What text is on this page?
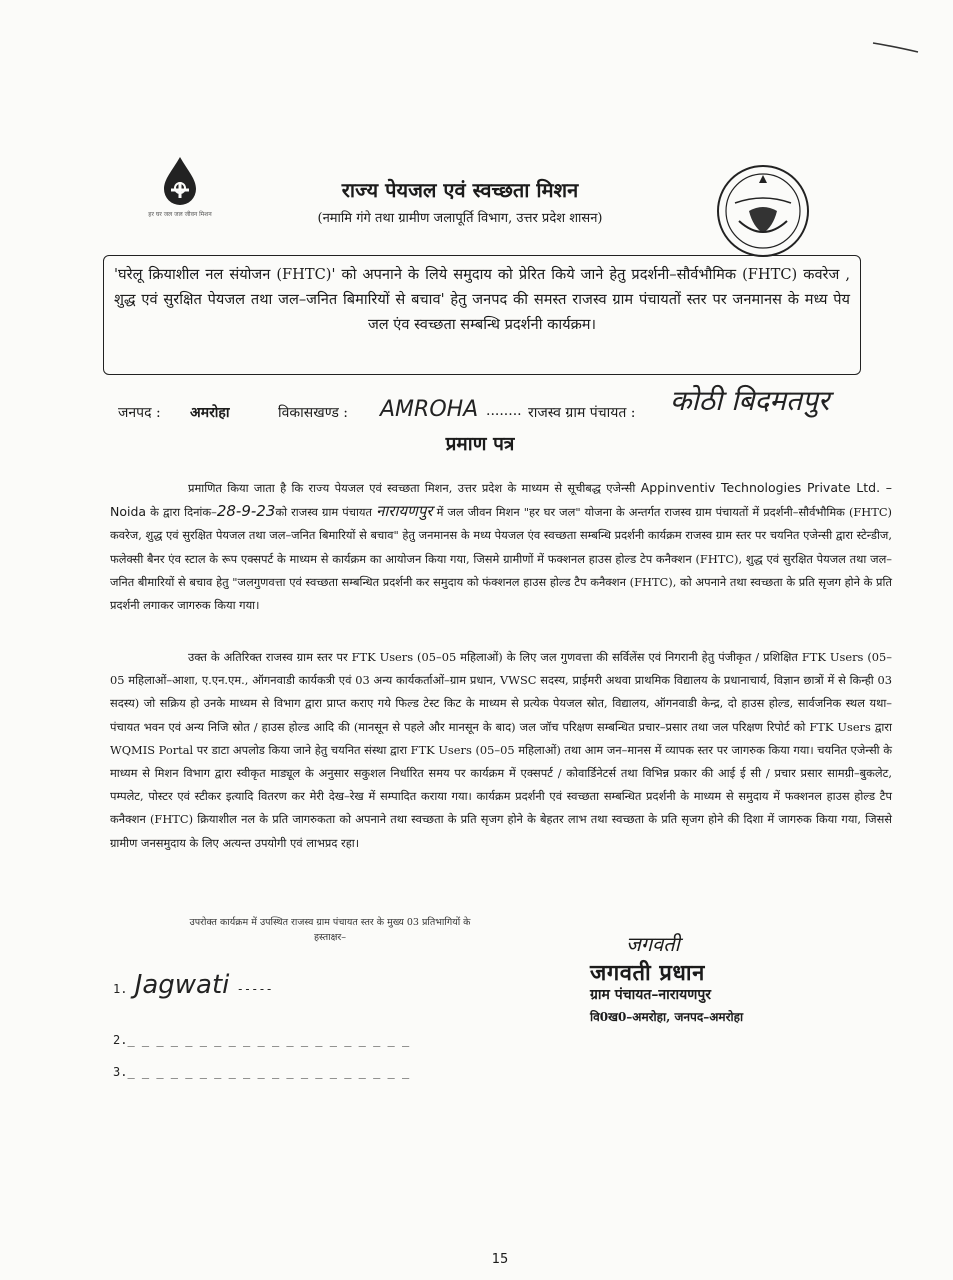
हर घर जल जल जीवन मिशन
राज्य पेयजल एवं स्वच्छता मिशन
(नमामि गंगे तथा ग्रामीण जलापूर्ति विभाग, उत्तर प्रदेश शासन)
'घरेलू क्रियाशील नल संयोजन (FHTC)' को अपनाने के लिये समुदाय को प्रेरित किये जाने हेतु प्रदर्शनी–सौर्वभौमिक (FHTC) कवरेज , शुद्ध एवं सुरक्षित पेयजल तथा जल–जनित बिमारियों से बचाव' हेतु जनपद की समस्त राजस्व ग्राम पंचायतों स्तर पर जनमानस के मध्य पेय जल एंव स्वच्छता सम्बन्धि प्रदर्शनी कार्यक्रम।
जनपद : अमरोहा	विकासखण्ड : AMROHA ........ राजस्व ग्राम पंचायत : कोठी बिदमतपुर
प्रमाण पत्र
प्रमाणित किया जाता है कि राज्य पेयजल एवं स्वच्छता मिशन, उत्तर प्रदेश के माध्यम से सूचीबद्ध एजेन्सी Appinventiv Technologies Private Ltd. – Noida के द्वारा दिनांक–28-9-23को राजस्व ग्राम पंचायत नारायणपुर में जल जीवन मिशन "हर घर जल" योजना के अन्तर्गत राजस्व ग्राम पंचायतों में प्रदर्शनी–सौर्वभौमिक (FHTC) कवरेज, शुद्ध एवं सुरक्षित पेयजल तथा जल–जनित बिमारियों से बचाव" हेतु जनमानस के मध्य पेयजल एंव स्वच्छता सम्बन्धि प्रदर्शनी कार्यक्रम राजस्व ग्राम स्तर पर चयनित एजेन्सी द्वारा स्टेन्डीज, फलेक्सी बैनर एंव स्टाल के रूप एक्सपर्ट के माध्यम से कार्यक्रम का आयोजन किया गया, जिसमे ग्रामीणों में फक्शनल हाउस होल्ड टेप कनैक्शन (FHTC), शुद्ध एवं सुरक्षित पेयजल तथा जल–जनित बीमारियों से बचाव हेतु "जलगुणवत्ता एवं स्वच्छता सम्बन्धित प्रदर्शनी कर समुदाय को फंक्शनल हाउस होल्ड टैप कनैक्शन (FHTC), को अपनाने तथा स्वच्छता के प्रति सृजग होने के प्रति प्रदर्शनी लगाकर जागरुक किया गया।
उक्त के अतिरिक्त राजस्व ग्राम स्तर पर FTK Users (05–05 महिलाओं) के लिए जल गुणवत्ता की सर्विलेंस एवं निगरानी हेतु पंजीकृत / प्रशिक्षित FTK Users (05–05 महिलाओं–आशा, ए.एन.एम., ऑगनवाडी कार्यकत्री एवं 03 अन्य कार्यकर्ताओं–ग्राम प्रधान, VWSC सदस्य, प्राईमरी अथवा प्राथमिक विद्यालय के प्रधानाचार्य, विज्ञान छात्रों में से किन्ही 03 सदस्य) जो सक्रिय हो उनके माध्यम से विभाग द्वारा प्राप्त कराए गये फिल्ड टेस्ट किट के माध्यम से प्रत्येक पेयजल स्रोत, विद्यालय, ऑगनवाडी केन्द्र, दो हाउस होल्ड, सार्वजनिक स्थल यथा–पंचायत भवन एवं अन्य निजि स्रोत / हाउस होल्ड आदि की (मानसून से पहले और मानसून के बाद) जल जॉच परिक्षण सम्बन्धित प्रचार–प्रसार तथा जल परिक्षण रिपोर्ट को FTK Users द्वारा WQMIS Portal पर डाटा अपलोड किया जाने हेतु चयनित संस्था द्वारा FTK Users (05–05 महिलाओं) तथा आम जन–मानस में व्यापक स्तर पर जागरुक किया गया। चयनित एजेन्सी के माध्यम से मिशन विभाग द्वारा स्वीकृत माड्यूल के अनुसार सकुशल निर्धारित समय पर कार्यक्रम में एक्सपर्ट / कोवार्डिनेटर्स तथा विभिन्न प्रकार की आई ई सी / प्रचार प्रसार सामग्री–बुकलेट, पम्पलेट, पोस्टर एवं स्टीकर इत्यादि वितरण कर मेरी देख–रेख में सम्पादित कराया गया। कार्यक्रम प्रदर्शनी एवं स्वच्छता सम्बन्धित प्रदर्शनी के माध्यम से समुदाय में फक्शनल हाउस होल्ड टैप कनैक्शन (FHTC) क्रियाशील नल के प्रति जागरुकता को अपनाने तथा स्वच्छता के प्रति सृजग होने के बेहतर लाभ तथा स्वच्छता के प्रति सृजग होने की दिशा में जागरुक किया गया, जिससे ग्रामीण जनसमुदाय के लिए अत्यन्त उपयोगी एवं लाभप्रद रहा।
उपरोक्त कार्यक्रम में उपस्थित राजस्व ग्राम पंचायत स्तर के मुख्य 03 प्रतिभागियों के
हस्ताक्षर–
1. Jagwati -----
2._ _ _ _ _ _ _ _ _ _ _ _ _ _ _ _ _ _ _ _
3._ _ _ _ _ _ _ _ _ _ _ _ _ _ _ _ _ _ _ _
जगवती
जगवती प्रधान
ग्राम पंचायत–नारायणपुर
वि0ख0–अमरोहा, जनपद–अमरोहा
15
